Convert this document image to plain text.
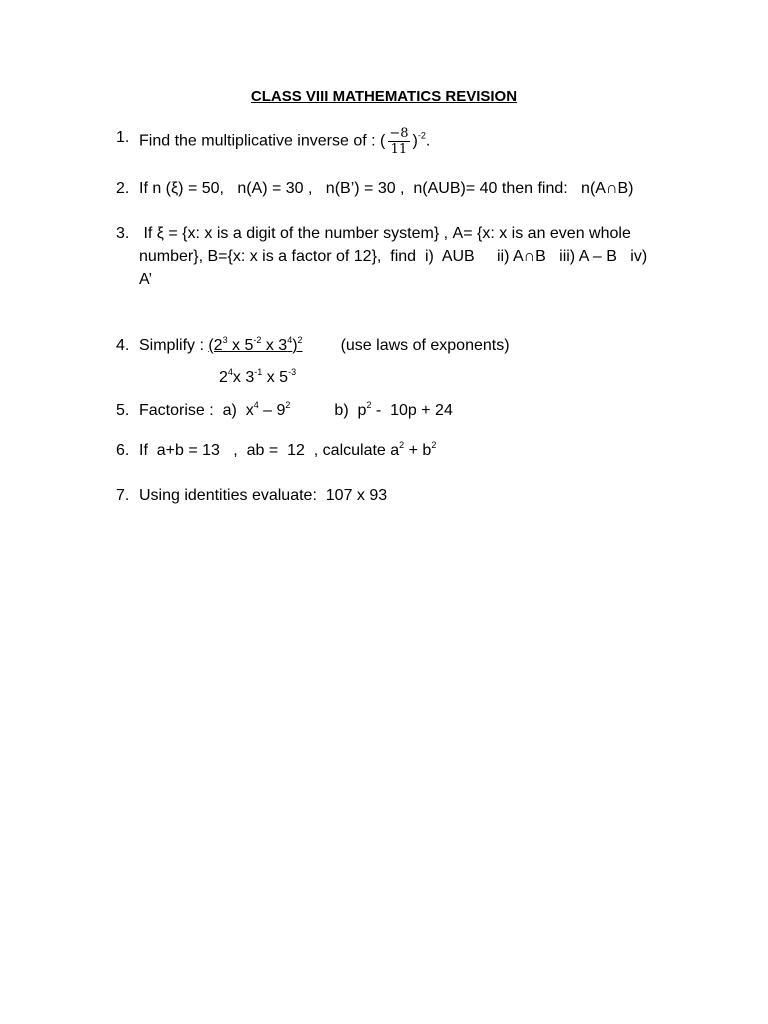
CLASS VIII MATHEMATICS REVISION
1. Find the multiplicative inverse of : ( $\frac{-8}{11} )^{-2}$.
2. If n (ξ) = 50,   n(A) = 30 ,   n(B’) = 30 ,  n(AUB)= 40 then find:   n(A∩B)
3. If ξ = {x: x is a digit of the number system} , A= {x: x is an even whole
number}, B={x: x is a factor of 12},  find  i)  AUB     ii) A∩B   iii) A – B   iv)
A’
4. Simplify : ($2^3$ x $5^{-2}$ x $3^4)^2$ (use laws of exponents)
$2^4x$ $3^{-1}$ x $5^{-3}$
5. Factorise :  a)  $x^4 - 9^2$	b)  $p^2 - 10p + 24$
6. If  a+b = 13   ,  ab =  12  , calculate $a^2 + b^2$
7. Using identities evaluate:  107 x 93
